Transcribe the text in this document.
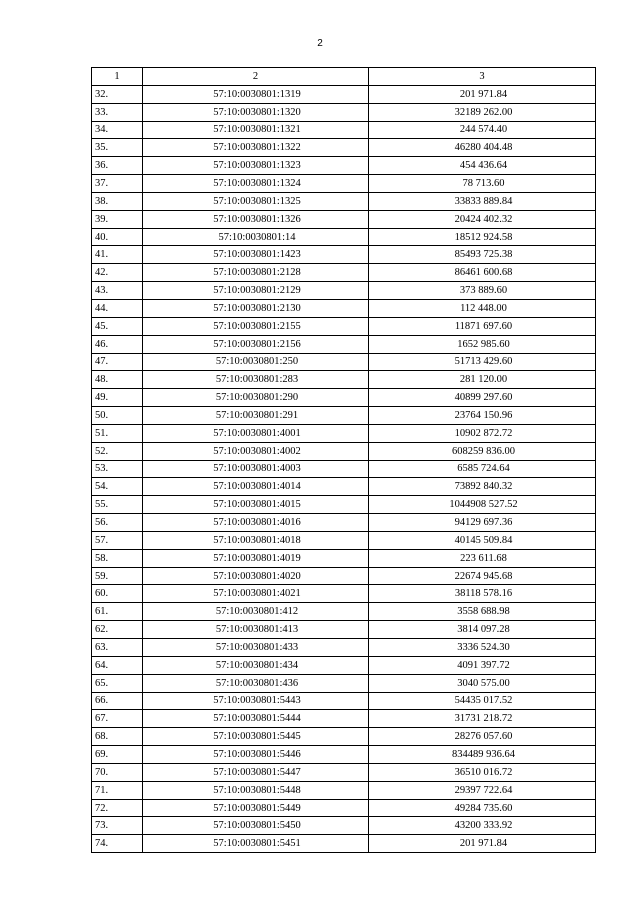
2
1	2	3
32.	57:10:0030801:1319	201 971.84
33.	57:10:0030801:1320	32189 262.00
34.	57:10:0030801:1321	244 574.40
35.	57:10:0030801:1322	46280 404.48
36.	57:10:0030801:1323	454 436.64
37.	57:10:0030801:1324	78 713.60
38.	57:10:0030801:1325	33833 889.84
39.	57:10:0030801:1326	20424 402.32
40.	57:10:0030801:14	18512 924.58
41.	57:10:0030801:1423	85493 725.38
42.	57:10:0030801:2128	86461 600.68
43.	57:10:0030801:2129	373 889.60
44.	57:10:0030801:2130	112 448.00
45.	57:10:0030801:2155	11871 697.60
46.	57:10:0030801:2156	1652 985.60
47.	57:10:0030801:250	51713 429.60
48.	57:10:0030801:283	281 120.00
49.	57:10:0030801:290	40899 297.60
50.	57:10:0030801:291	23764 150.96
51.	57:10:0030801:4001	10902 872.72
52.	57:10:0030801:4002	608259 836.00
53.	57:10:0030801:4003	6585 724.64
54.	57:10:0030801:4014	73892 840.32
55.	57:10:0030801:4015	1044908 527.52
56.	57:10:0030801:4016	94129 697.36
57.	57:10:0030801:4018	40145 509.84
58.	57:10:0030801:4019	223 611.68
59.	57:10:0030801:4020	22674 945.68
60.	57:10:0030801:4021	38118 578.16
61.	57:10:0030801:412	3558 688.98
62.	57:10:0030801:413	3814 097.28
63.	57:10:0030801:433	3336 524.30
64.	57:10:0030801:434	4091 397.72
65.	57:10:0030801:436	3040 575.00
66.	57:10:0030801:5443	54435 017.52
67.	57:10:0030801:5444	31731 218.72
68.	57:10:0030801:5445	28276 057.60
69.	57:10:0030801:5446	834489 936.64
70.	57:10:0030801:5447	36510 016.72
71.	57:10:0030801:5448	29397 722.64
72.	57:10:0030801:5449	49284 735.60
73.	57:10:0030801:5450	43200 333.92
74.	57:10:0030801:5451	201 971.84
